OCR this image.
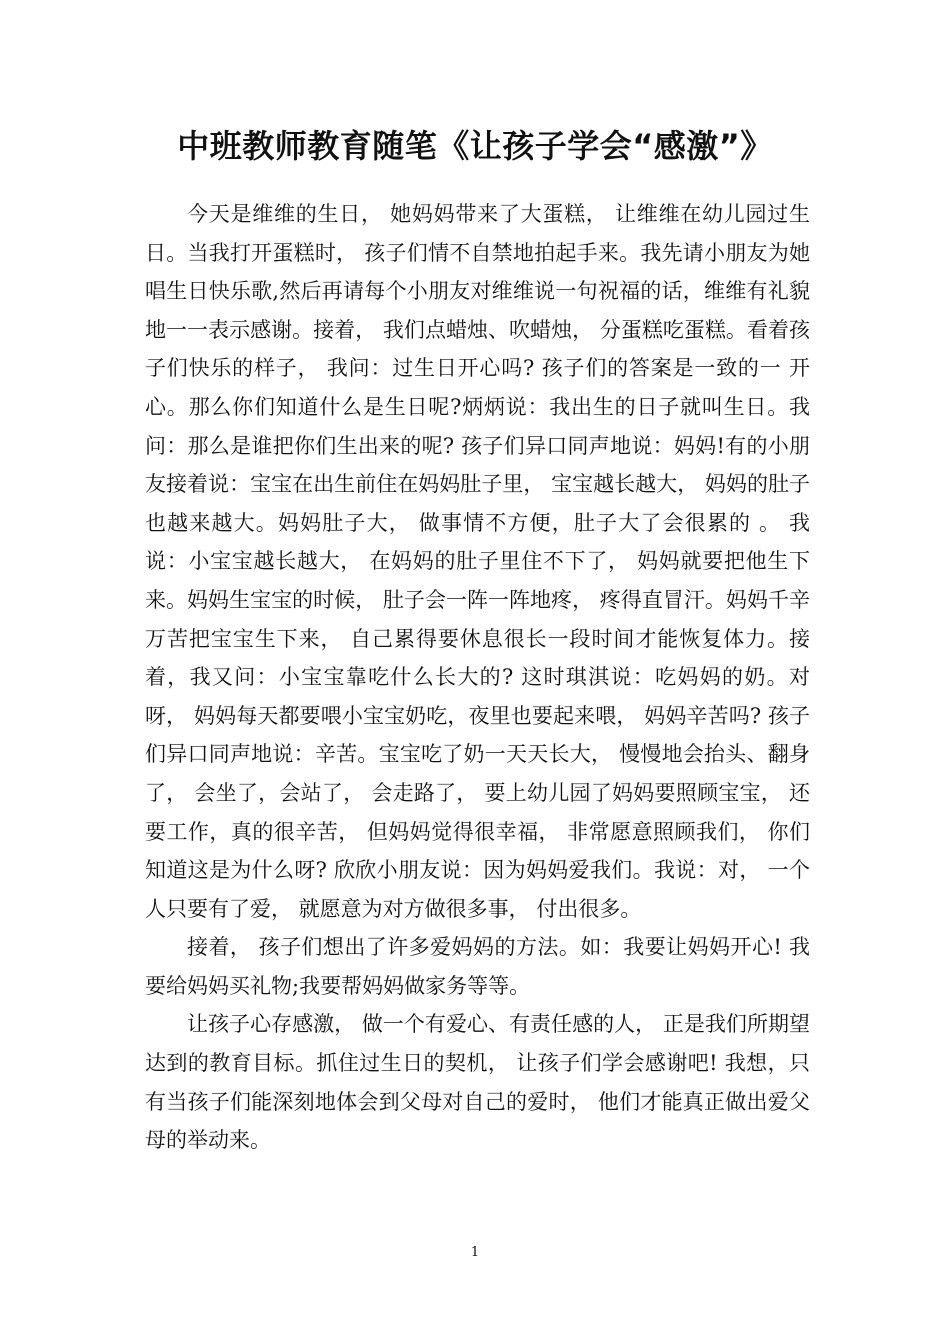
中班教师教育随笔《让孩子学会“感激”》

今天是维维的生日， 她妈妈带来了大蛋糕， 让维维在幼儿园过生日。当我打开蛋糕时， 孩子们情不自禁地拍起手来。我先请小朋友为她唱生日快乐歌,然后再请每个小朋友对维维说一句祝福的话，维维有礼貌地一一表示感谢。接着， 我们点蜡烛、吹蜡烛， 分蛋糕吃蛋糕。看着孩子们快乐的样子， 我问：过生日开心吗? 孩子们的答案是一致的一 开心。那么你们知道什么是生日呢?炳炳说：我出生的日子就叫生日。我问：那么是谁把你们生出来的呢? 孩子们异口同声地说：妈妈!有的小朋友接着说：宝宝在出生前住在妈妈肚子里， 宝宝越长越大， 妈妈的肚子也越来越大。妈妈肚子大， 做事情不方便，肚子大了会很累的 。 我说：小宝宝越长越大， 在妈妈的肚子里住不下了， 妈妈就要把他生下来。妈妈生宝宝的时候， 肚子会一阵一阵地疼， 疼得直冒汗。妈妈千辛万苦把宝宝生下来， 自己累得要休息很长一段时间才能恢复体力。接着，我又问：小宝宝靠吃什么长大的? 这时琪淇说：吃妈妈的奶。对呀， 妈妈每天都要喂小宝宝奶吃，夜里也要起来喂， 妈妈辛苦吗? 孩子们异口同声地说：辛苦。宝宝吃了奶一天天长大， 慢慢地会抬头、翻身了， 会坐了，会站了， 会走路了， 要上幼儿园了妈妈要照顾宝宝， 还要工作，真的很辛苦， 但妈妈觉得很幸福， 非常愿意照顾我们， 你们知道这是为什么呀? 欣欣小朋友说：因为妈妈爱我们。我说：对， 一个人只要有了爱， 就愿意为对方做很多事， 付出很多。

接着， 孩子们想出了许多爱妈妈的方法。如：我要让妈妈开心! 我要给妈妈买礼物;我要帮妈妈做家务等等。

让孩子心存感激， 做一个有爱心、有责任感的人， 正是我们所期望达到的教育目标。抓住过生日的契机， 让孩子们学会感谢吧! 我想，只有当孩子们能深刻地体会到父母对自己的爱时， 他们才能真正做出爱父母的举动来。

1
